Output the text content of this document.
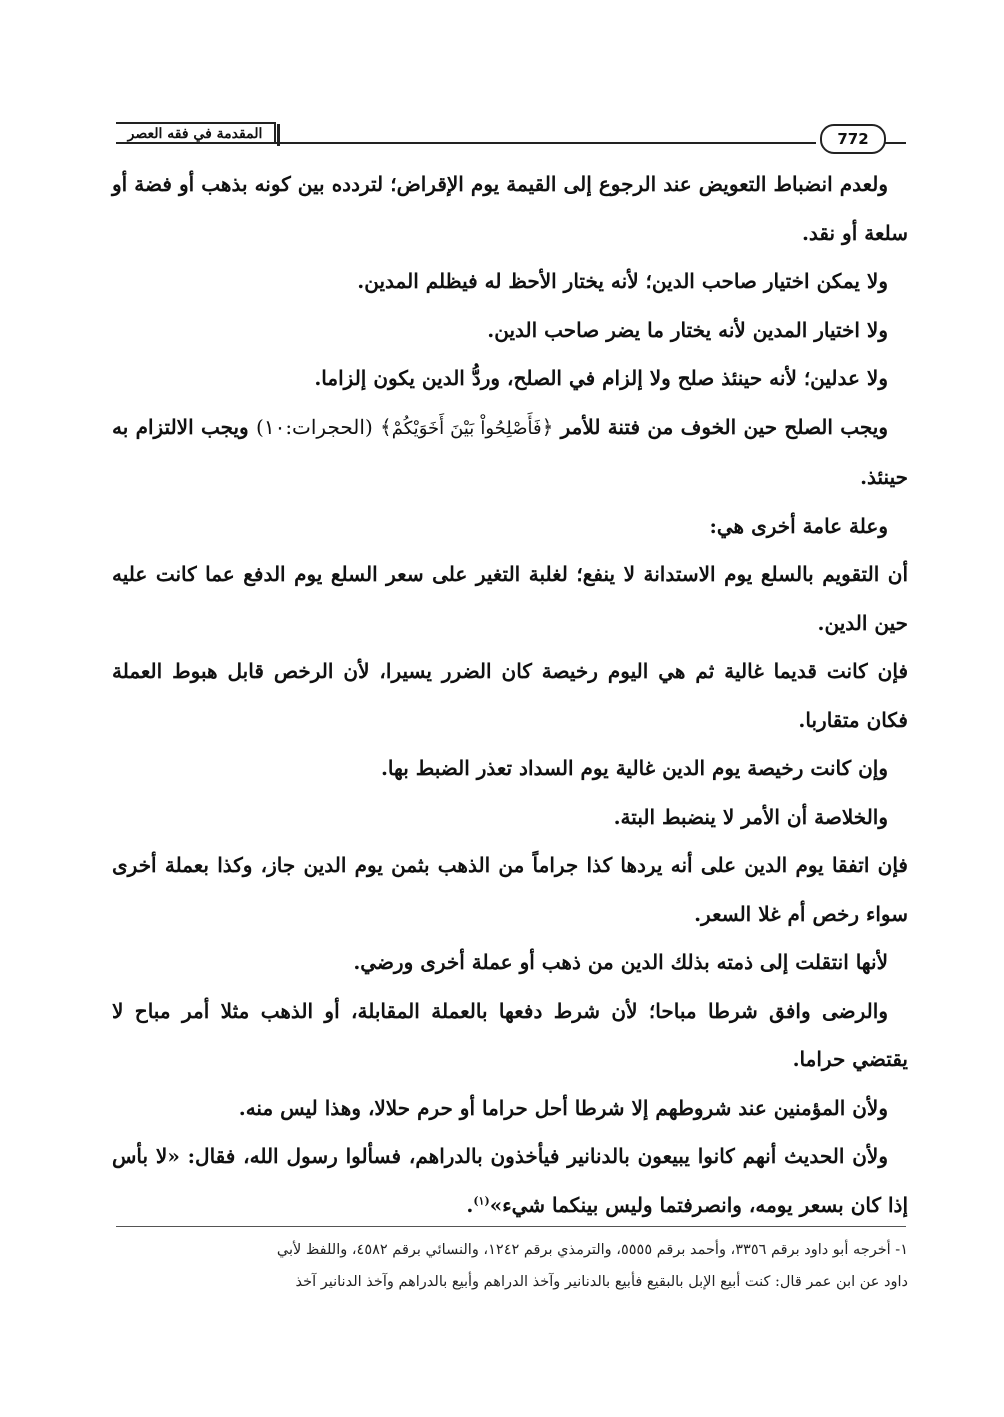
المقدمة في فقه العصر	772

ولعدم انضباط التعويض عند الرجوع إلى القيمة يوم الإقراض؛ لتردده بين كونه بذهب أو فضة أو سلعة أو نقد.

ولا يمكن اختيار صاحب الدين؛ لأنه يختار الأحظ له فيظلم المدين.

ولا اختيار المدين لأنه يختار ما يضر صاحب الدين.

ولا عدلين؛ لأنه حينئذ صلح ولا إلزام في الصلح، وردُّ الدين يكون إلزاما.

ويجب الصلح حين الخوف من فتنة للأمر ﴿فَأَصْلِحُواْ بَيْنَ أَخَوَيْكُمْ﴾ (الحجرات:١٠) ويجب الالتزام به حينئذ.

وعلة عامة أخرى هي:

أن التقويم بالسلع يوم الاستدانة لا ينفع؛ لغلبة التغير على سعر السلع يوم الدفع عما كانت عليه حين الدين.

فإن كانت قديما غالية ثم هي اليوم رخيصة كان الضرر يسيرا، لأن الرخص قابل هبوط العملة فكان متقاربا.

وإن كانت رخيصة يوم الدين غالية يوم السداد تعذر الضبط بها.

والخلاصة أن الأمر لا ينضبط البتة.

فإن اتفقا يوم الدين على أنه يردها كذا جراماً من الذهب بثمن يوم الدين جاز، وكذا بعملة أخرى سواء رخص أم غلا السعر.

لأنها انتقلت إلى ذمته بذلك الدين من ذهب أو عملة أخرى ورضي.

والرضى وافق شرطا مباحا؛ لأن شرط دفعها بالعملة المقابلة، أو الذهب مثلا أمر مباح لا يقتضي حراما.

ولأن المؤمنين عند شروطهم إلا شرطا أحل حراما أو حرم حلالا، وهذا ليس منه.

ولأن الحديث أنهم كانوا يبيعون بالدنانير فيأخذون بالدراهم، فسألوا رسول الله، فقال: «لا بأس إذا كان بسعر يومه، وانصرفتما وليس بينكما شيء»$^{(١)}$.

١- أخرجه أبو داود برقم ٣٣٥٦، وأحمد برقم ٥٥٥٥، والترمذي برقم ١٢٤٢، والنسائي برقم ٤٥٨٢، واللفظ لأبي

داود عن ابن عمر قال: كنت أبيع الإبل بالبقيع فأبيع بالدنانير وآخذ الدراهم وأبيع بالدراهم وآخذ الدنانير آخذ
